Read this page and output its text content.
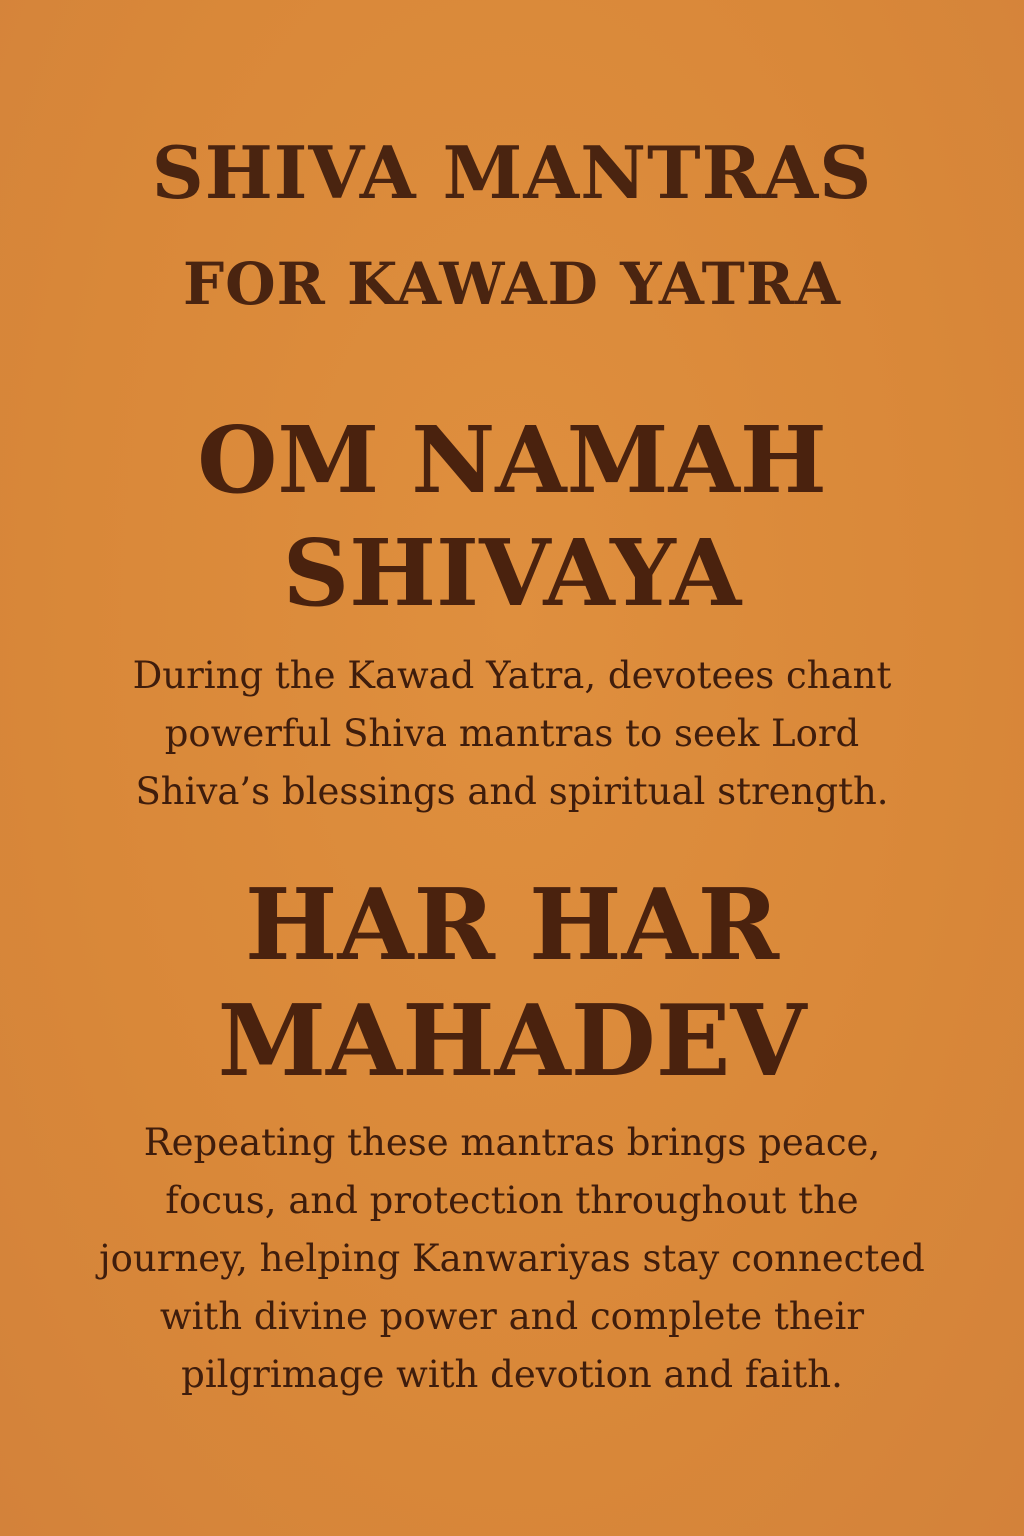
SHIVA MANTRAS
FOR KAWAD YATRA
OM NAMAH
SHIVAYA

During the Kawad Yatra, devotees chant

powerful Shiva mantras to seek Lord

Shiva’s blessings and spiritual strength.

HAR HAR
MAHADEV

Repeating these mantras brings peace,

focus, and protection throughout the

journey, helping Kanwariyas stay connected

with divine power and complete their

pilgrimage with devotion and faith.
